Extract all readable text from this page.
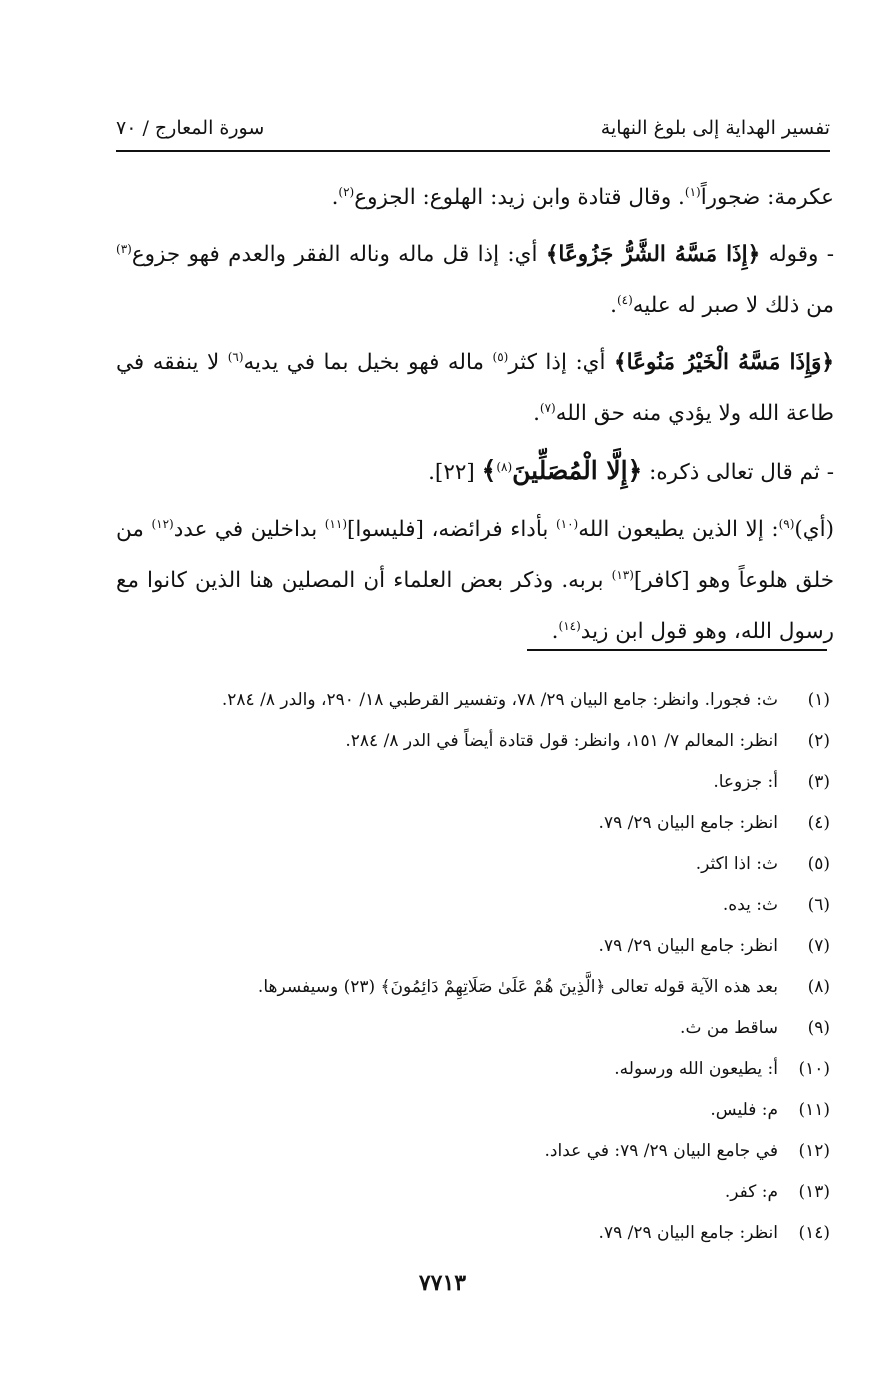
تفسير الهداية إلى بلوغ النهاية
سورة المعارج / ٧٠

عكرمة: ضجوراً$^{(١)}$. وقال قتادة وابن زيد: الهلوع: الجزوع$^{(٢)}$.

- وقوله ﴿إِذَا مَسَّهُ الشَّرُّ جَزُوعًا﴾ أي: إذا قل ماله وناله الفقر والعدم فهو جزوع$^{(٣)}$ من ذلك لا صبر له عليه$^{(٤)}$.

﴿وَإِذَا مَسَّهُ الْخَيْرُ مَنُوعًا﴾ أي: إذا كثر$^{(٥)}$ ماله فهو بخيل بما في يديه$^{(٦)}$ لا ينفقه في طاعة الله ولا يؤدي منه حق الله$^{(٧)}$.

- ثم قال تعالى ذكره: ﴿إِلَّا الْمُصَلِّينَ$^{(٨)}$﴾ [٢٢].

(أي)$^{(٩)}$: إلا الذين يطيعون الله$^{(١٠)}$ بأداء فرائضه، [فليسوا]$^{(١١)}$ بداخلين في عدد$^{(١٢)}$ من خلق هلوعاً وهو [كافر]$^{(١٣)}$ بربه. وذكر بعض العلماء أن المصلين هنا الذين كانوا مع رسول الله، وهو قول ابن زيد$^{(١٤)}$.

(١)
ث: فجورا. وانظر: جامع البيان ٢٩/ ٧٨، وتفسير القرطبي ١٨/ ٢٩٠، والدر ٨/ ٢٨٤.
(٢)
انظر: المعالم ٧/ ١٥١، وانظر: قول قتادة أيضاً في الدر ٨/ ٢٨٤.
(٣)
أ: جزوعا.
(٤)
انظر: جامع البيان ٢٩/ ٧٩.
(٥)
ث: اذا اكثر.
(٦)
ث: يده.
(٧)
انظر: جامع البيان ٢٩/ ٧٩.
(٨)
بعد هذه الآية قوله تعالى ﴿الَّذِينَ هُمْ عَلَىٰ صَلَاتِهِمْ دَائِمُونَ﴾ (٢٣) وسيفسرها.
(٩)
ساقط من ث.
(١٠)
أ: يطيعون الله ورسوله.
(١١)
م: فليس.
(١٢)
في جامع البيان ٢٩/ ٧٩: في عداد.
(١٣)
م: كفر.
(١٤)
انظر: جامع البيان ٢٩/ ٧٩.
٧٧١٣
